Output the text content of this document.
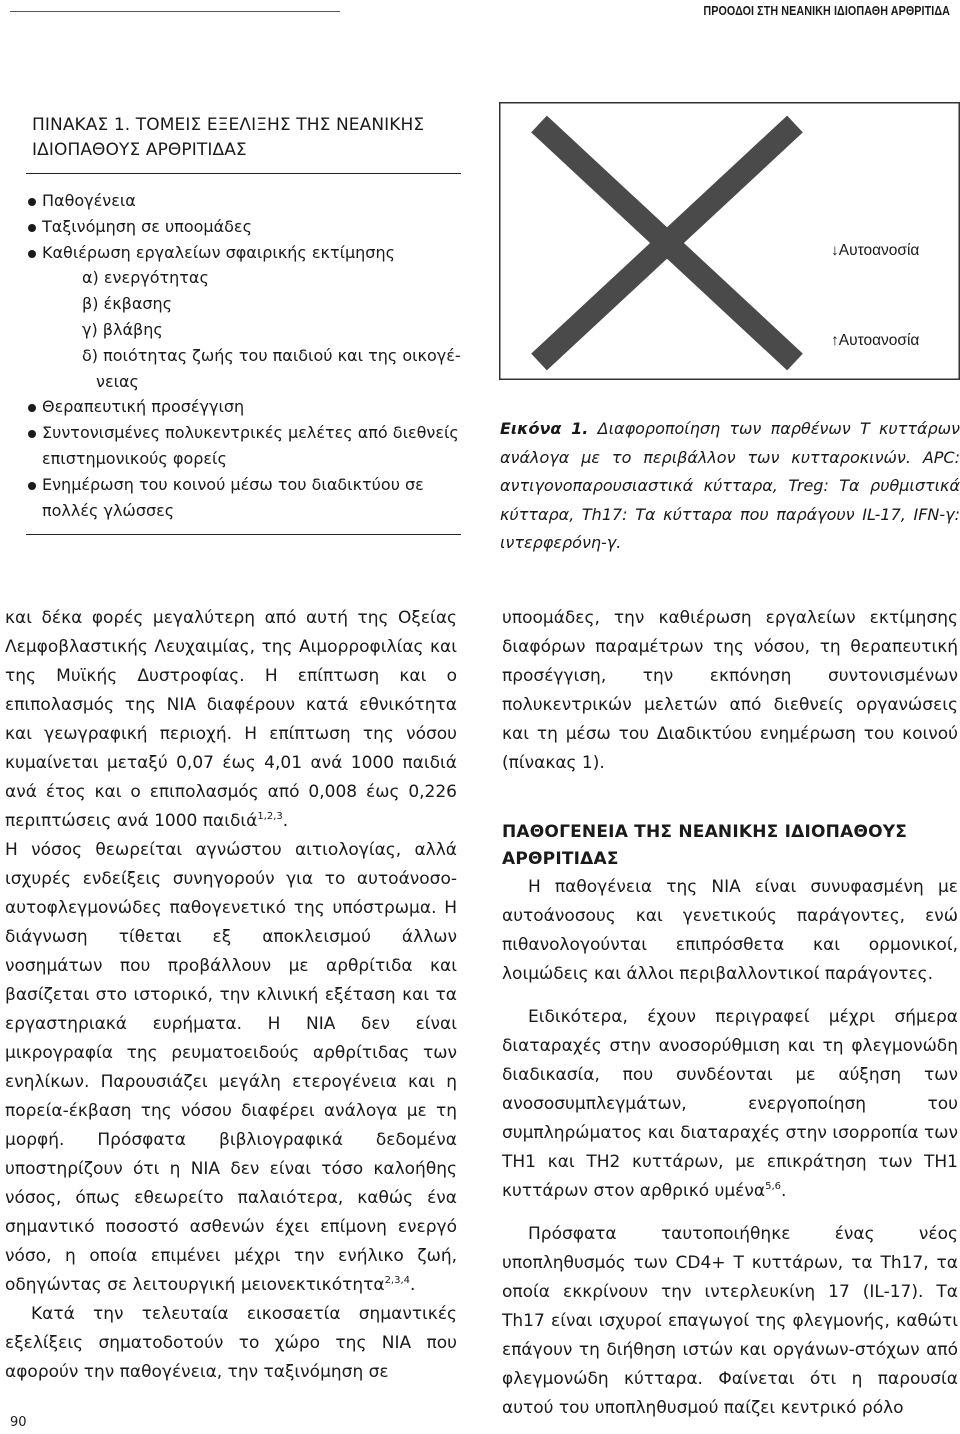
ΠΡΟΟΔΟΙ ΣΤΗ ΝΕΑΝΙΚΗ ΙΔΙΟΠΑΘΗ ΑΡΘΡΙΤΙΔΑ
ΠΙΝΑΚΑΣ 1. ΤΟΜΕΙΣ ΕΞΕΛΙΞΗΣ ΤΗΣ ΝΕΑΝΙΚΗΣ
ΙΔΙΟΠΑΘΟΥΣ ΑΡΘΡΙΤΙΔΑΣ
Παθογένεια
Ταξινόμηση σε υποομάδες
Καθιέρωση εργαλείων σφαιρικής εκτίμησης
α) ενεργότητας
β) έκβασης
γ) βλάβης
δ) ποιότητας ζωής του παιδιού και της οικογέ-
νειας
Θεραπευτική προσέγγιση
Συντονισμένες πολυκεντρικές μελέτες από διεθνείς
επιστημονικούς φορείς
Ενημέρωση του κοινού μέσω του διαδικτύου σε
πολλές γλώσσες
↓Αυτοανοσία
↑Αυτοανοσία
Εικόνα 1. Διαφοροποίηση των παρθένων Τ κυττάρων ανάλογα με το περιβάλλον των κυτταροκινών. APC: αντιγονοπαρουσιαστικά κύτταρα, Treg: Τα ρυθμιστικά κύτταρα, Th17: Τα κύτταρα που παράγουν IL-17, IFN-γ: ιντερφερόνη-γ.

και δέκα φορές μεγαλύτερη από αυτή της Οξείας Λεμφοβλαστικής Λευχαιμίας, της Αιμορροφιλίας και της Μυϊκής Δυστροφίας. Η επίπτωση και ο επιπολασμός της ΝΙΑ διαφέρουν κατά εθνικότητα και γεωγραφική περιοχή. Η επίπτωση της νόσου κυμαίνεται μεταξύ 0,07 έως 4,01 ανά 1000 παιδιά ανά έτος και ο επιπολασμός από 0,008 έως 0,226 περιπτώσεις ανά 1000 παιδιά$^{1,2,3}$.

Η νόσος θεωρείται αγνώστου αιτιολογίας, αλλά ισχυρές ενδείξεις συνηγορούν για το αυτοάνοσο-αυτοφλεγμονώδες παθογενετικό της υπόστρωμα. Η διάγνωση τίθεται εξ αποκλεισμού άλλων νοσημάτων που προβάλλουν με αρθρίτιδα και βασίζεται στο ιστορικό, την κλινική εξέταση και τα εργαστηριακά ευρήματα. Η ΝΙΑ δεν είναι μικρογραφία της ρευματοειδούς αρθρίτιδας των ενηλίκων. Παρουσιάζει μεγάλη ετερογένεια και η πορεία-έκβαση της νόσου διαφέρει ανάλογα με τη μορφή. Πρόσφατα βιβλιογραφικά δεδομένα υποστηρίζουν ότι η ΝΙΑ δεν είναι τόσο καλοήθης νόσος, όπως εθεωρείτο παλαιότερα, καθώς ένα σημαντικό ποσοστό ασθενών έχει επίμονη ενεργό νόσο, η οποία επιμένει μέχρι την ενήλικο ζωή, οδηγώντας σε λειτουργική μειονεκτικότητα$^{2,3,4}$.

Κατά την τελευταία εικοσαετία σημαντικές εξελίξεις σηματοδοτούν το χώρο της ΝΙΑ που αφορούν την παθογένεια, την ταξινόμηση σε

υποομάδες, την καθιέρωση εργαλείων εκτίμησης διαφόρων παραμέτρων της νόσου, τη θεραπευτική προσέγγιση, την εκπόνηση συντονισμένων πολυκεντρικών μελετών από διεθνείς οργανώσεις και τη μέσω του Διαδικτύου ενημέρωση του κοινού (πίνακας 1).

ΠΑΘΟΓΕΝΕΙΑ ΤΗΣ ΝΕΑΝΙΚΗΣ ΙΔΙΟΠΑΘΟΥΣ ΑΡΘΡΙΤΙΔΑΣ

Η παθογένεια της ΝΙΑ είναι συνυφασμένη με αυτοάνοσους και γενετικούς παράγοντες, ενώ πιθανολογούνται επιπρόσθετα και ορμονικοί, λοιμώδεις και άλλοι περιβαλλοντικοί παράγοντες.

Ειδικότερα, έχουν περιγραφεί μέχρι σήμερα διαταραχές στην ανοσορύθμιση και τη φλεγμονώδη διαδικασία, που συνδέονται με αύξηση των ανοσοσυμπλεγμάτων, ενεργοποίηση του συμπληρώματος και διαταραχές στην ισορροπία των ΤΗ1 και ΤΗ2 κυττάρων, με επικράτηση των ΤΗ1 κυττάρων στον αρθρικό υμένα$^{5,6}$.

Πρόσφατα ταυτοποιήθηκε ένας νέος υποπληθυσμός των CD4+ Τ κυττάρων, τα Th17, τα οποία εκκρίνουν την ιντερλευκίνη 17 (IL-17). Τα Th17 είναι ισχυροί επαγωγοί της φλεγμονής, καθώτι επάγουν τη διήθηση ιστών και οργάνων-στόχων από φλεγμονώδη κύτταρα. Φαίνεται ότι η παρουσία αυτού του υποπληθυσμού παίζει κεντρικό ρόλο

90
